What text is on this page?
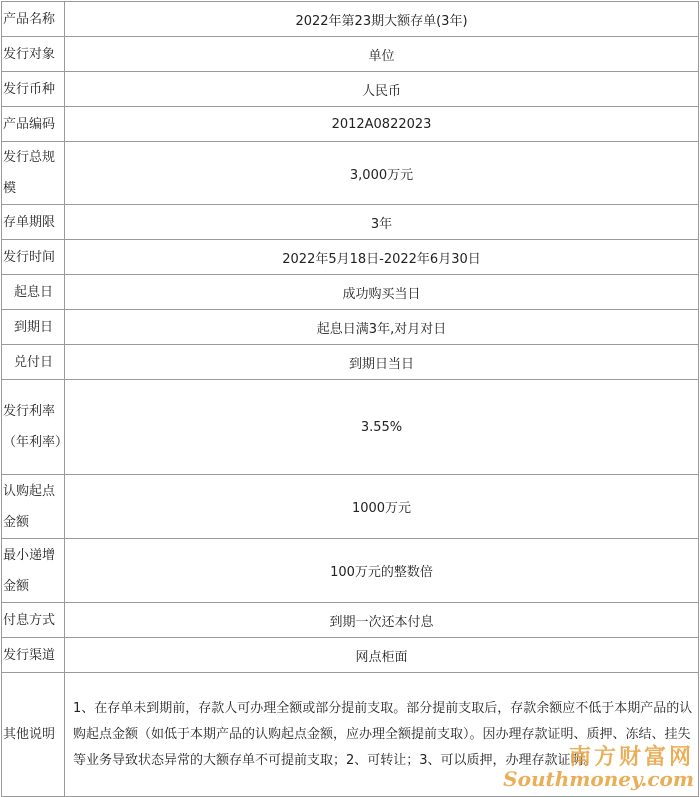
产品名称	2022年第23期大额存单(3年)
发行对象	单位
发行币种	人民币
产品编码	2012A0822023
发行总规模	3,000万元
存单期限	3年
发行时间	2022年5月18日-2022年6月30日
起息日	成功购买当日
到期日	起息日满3年,对月对日
兑付日	到期日当日
发行利率（年利率）	3.55%
认购起点金额	1000万元
最小递增金额	100万元的整数倍
付息方式	到期一次还本付息
发行渠道	网点柜面
其他说明	1、在存单未到期前，存款人可办理全额或部分提前支取。部分提前支取后，存款余额应不低于本期产品的认购起点金额（如低于本期产品的认购起点金额，应办理全额提前支取）。因办理存款证明、质押、冻结、挂失等业务导致状态异常的大额存单不可提前支取；2、可转让；3、可以质押，办理存款证明。
南方财富网
Southmoney.com
